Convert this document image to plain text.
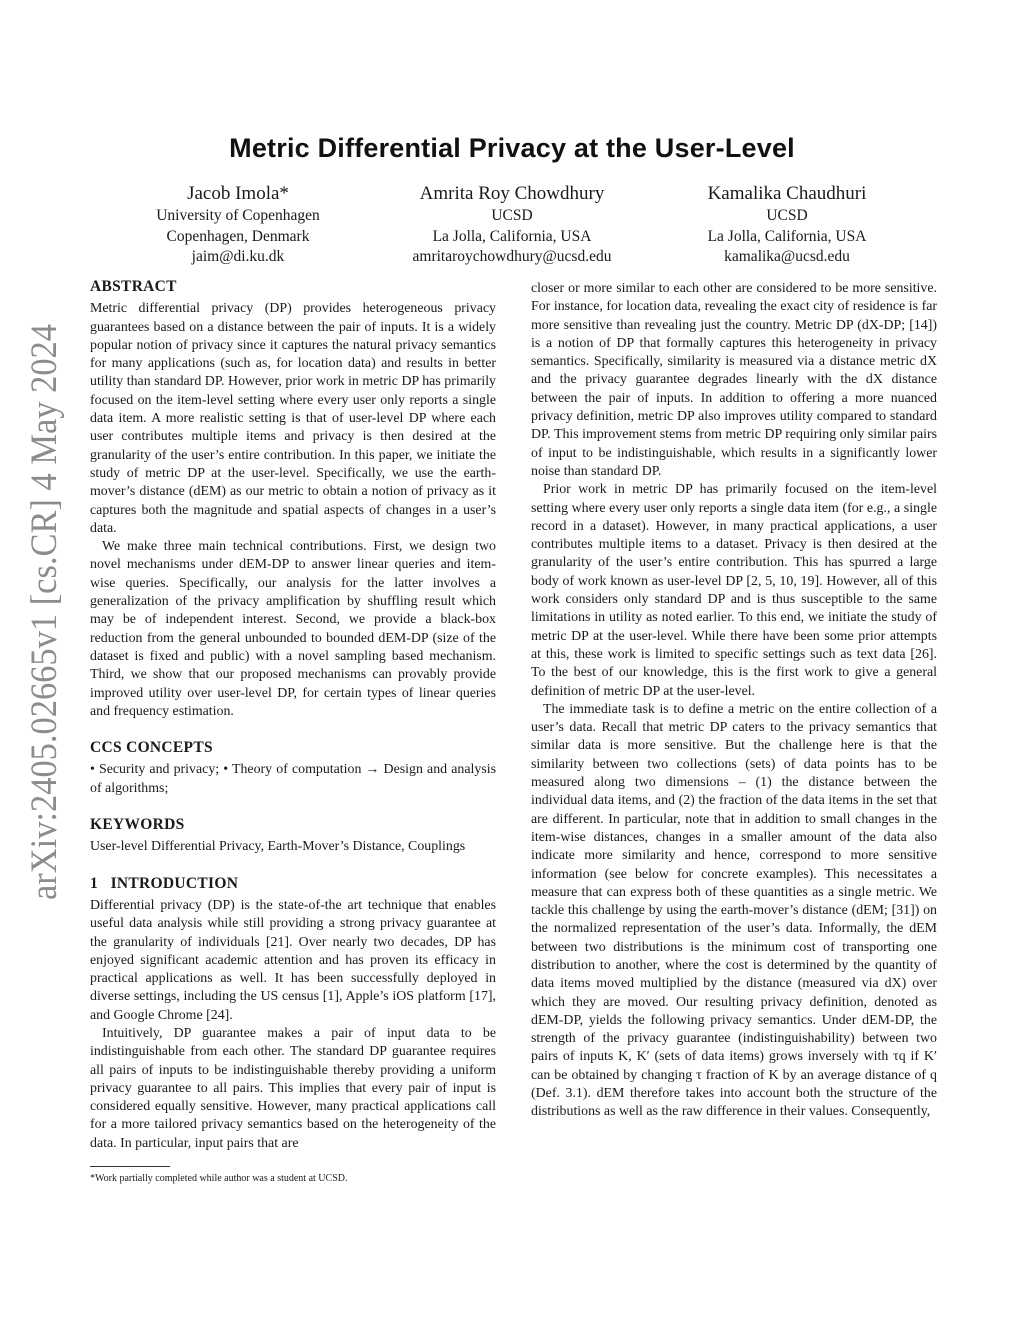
arXiv:2405.02665v1 [cs.CR] 4 May 2024
Metric Differential Privacy at the User-Level
Jacob Imola*
University of Copenhagen
Copenhagen, Denmark
jaim@di.ku.dk
Amrita Roy Chowdhury
UCSD
La Jolla, California, USA
amritaroychowdhury@ucsd.edu
Kamalika Chaudhuri
UCSD
La Jolla, California, USA
kamalika@ucsd.edu
ABSTRACT

Metric differential privacy (DP) provides heterogeneous privacy guarantees based on a distance between the pair of inputs. It is a widely popular notion of privacy since it captures the natural privacy semantics for many applications (such as, for location data) and results in better utility than standard DP. However, prior work in metric DP has primarily focused on the item-level setting where every user only reports a single data item. A more realistic setting is that of user-level DP where each user contributes multiple items and privacy is then desired at the granularity of the user’s entire contribution. In this paper, we initiate the study of metric DP at the user-level. Specifically, we use the earth-mover’s distance (dEM) as our metric to obtain a notion of privacy as it captures both the magnitude and spatial aspects of changes in a user’s data.

We make three main technical contributions. First, we design two novel mechanisms under dEM-DP to answer linear queries and item-wise queries. Specifically, our analysis for the latter involves a generalization of the privacy amplification by shuffling result which may be of independent interest. Second, we provide a black-box reduction from the general unbounded to bounded dEM-DP (size of the dataset is fixed and public) with a novel sampling based mechanism. Third, we show that our proposed mechanisms can provably provide improved utility over user-level DP, for certain types of linear queries and frequency estimation.

CCS CONCEPTS

• Security and privacy; • Theory of computation → Design and analysis of algorithms;

KEYWORDS

User-level Differential Privacy, Earth-Mover’s Distance, Couplings

1   INTRODUCTION

Differential privacy (DP) is the state-of-the art technique that enables useful data analysis while still providing a strong privacy guarantee at the granularity of individuals [21]. Over nearly two decades, DP has enjoyed significant academic attention and has proven its efficacy in practical applications as well. It has been successfully deployed in diverse settings, including the US census [1], Apple’s iOS platform [17], and Google Chrome [24].

Intuitively, DP guarantee makes a pair of input data to be indistinguishable from each other. The standard DP guarantee requires all pairs of inputs to be indistinguishable thereby providing a uniform privacy guarantee to all pairs. This implies that every pair of input is considered equally sensitive. However, many practical applications call for a more tailored privacy semantics based on the heterogeneity of the data. In particular, input pairs that are

closer or more similar to each other are considered to be more sensitive. For instance, for location data, revealing the exact city of residence is far more sensitive than revealing just the country. Metric DP (dX-DP; [14]) is a notion of DP that formally captures this heterogeneity in privacy semantics. Specifically, similarity is measured via a distance metric dX and the privacy guarantee degrades linearly with the dX distance between the pair of inputs. In addition to offering a more nuanced privacy definition, metric DP also improves utility compared to standard DP. This improvement stems from metric DP requiring only similar pairs of input to be indistinguishable, which results in a significantly lower noise than standard DP.

Prior work in metric DP has primarily focused on the item-level setting where every user only reports a single data item (for e.g., a single record in a dataset). However, in many practical applications, a user contributes multiple items to a dataset. Privacy is then desired at the granularity of the user’s entire contribution. This has spurred a large body of work known as user-level DP [2, 5, 10, 19]. However, all of this work considers only standard DP and is thus susceptible to the same limitations in utility as noted earlier. To this end, we initiate the study of metric DP at the user-level. While there have been some prior attempts at this, these work is limited to specific settings such as text data [26]. To the best of our knowledge, this is the first work to give a general definition of metric DP at the user-level.

The immediate task is to define a metric on the entire collection of a user’s data. Recall that metric DP caters to the privacy semantics that similar data is more sensitive. But the challenge here is that the similarity between two collections (sets) of data points has to be measured along two dimensions – (1) the distance between the individual data items, and (2) the fraction of the data items in the set that are different. In particular, note that in addition to small changes in the item-wise distances, changes in a smaller amount of the data also indicate more similarity and hence, correspond to more sensitive information (see below for concrete examples). This necessitates a measure that can express both of these quantities as a single metric. We tackle this challenge by using the earth-mover’s distance (dEM; [31]) on the normalized representation of the user’s data. Informally, the dEM between two distributions is the minimum cost of transporting one distribution to another, where the cost is determined by the quantity of data items moved multiplied by the distance (measured via dX) over which they are moved. Our resulting privacy definition, denoted as dEM-DP, yields the following privacy semantics. Under dEM-DP, the strength of the privacy guarantee (indistinguishability) between two pairs of inputs K, K′ (sets of data items) grows inversely with τq if K′ can be obtained by changing τ fraction of K by an average distance of q (Def. 3.1). dEM therefore takes into account both the structure of the distributions as well as the raw difference in their values. Consequently,

*Work partially completed while author was a student at UCSD.
